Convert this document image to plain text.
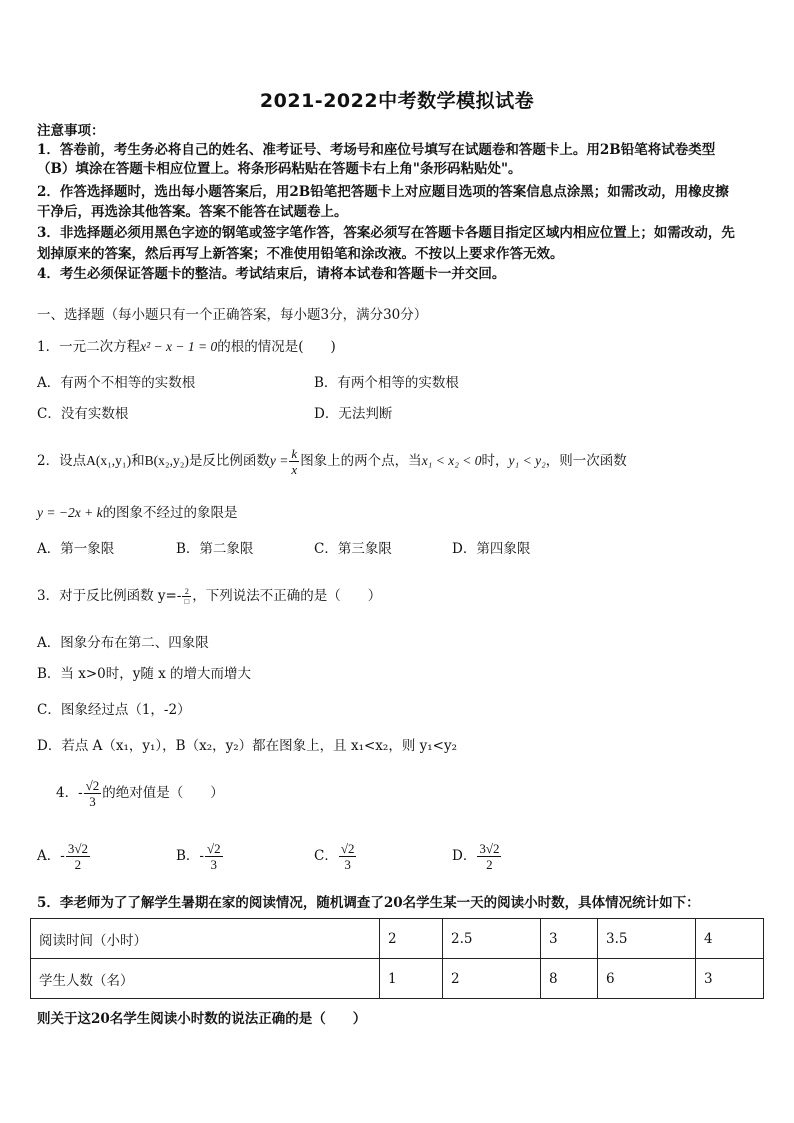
2021-2022中考数学模拟试卷
注意事项：
1．答卷前，考生务必将自己的姓名、准考证号、考场号和座位号填写在试题卷和答题卡上。用2B铅笔将试卷类型
（B）填涂在答题卡相应位置上。将条形码粘贴在答题卡右上角"条形码粘贴处"。
2．作答选择题时，选出每小题答案后，用2B铅笔把答题卡上对应题目选项的答案信息点涂黑；如需改动，用橡皮擦
干净后，再选涂其他答案。答案不能答在试题卷上。
3．非选择题必须用黑色字迹的钢笔或签字笔作答，答案必须写在答题卡各题目指定区域内相应位置上；如需改动，先
划掉原来的答案，然后再写上新答案；不准使用铅笔和涂改液。不按以上要求作答无效。
4．考生必须保证答题卡的整洁。考试结束后，请将本试卷和答题卡一并交回。
一、选择题（每小题只有一个正确答案，每小题3分，满分30分）
1．一元二次方程x² − x − 1 = 0的根的情况是(　　)
A．有两个不相等的实数根	B．有两个相等的实数根
C．没有实数根	D．无法判断
2．设点A(x₁,y₁)和B(x₂,y₂)是反比例函数$y = \frac{k}{x}$ 图象上的两个点，当x₁ < x₂ < 0时，y₁ < y₂，则一次函数
y = −2x + k的图象不经过的象限是
A．第一象限	B．第二象限	C．第三象限	D．第四象限
3．对于反比例函数 $y=- \frac{2}{□}$ ，下列说法不正确的是（　　）
A．图象分布在第二、四象限
B．当 x>0时，y随 x 的增大而增大
C．图象经过点（1，-2）
D．若点 A（x₁，y₁），B（x₂，y₂）都在图象上，且 x₁<x₂，则 y₁<y₂
4．- $\frac{√2}{3}$ 的绝对值是（　　）
A．- $\frac{3√2}{2}$	B．- $\frac{√2}{3}$	C． $\frac{√2}{3}$	D． $\frac{3√2}{2}$
5．李老师为了了解学生暑期在家的阅读情况，随机调查了20名学生某一天的阅读小时数，具体情况统计如下：
阅读时间（小时）	2	2.5	3	3.5	4
学生人数（名）	1	2	8	6	3
则关于这20名学生阅读小时数的说法正确的是（　　）
